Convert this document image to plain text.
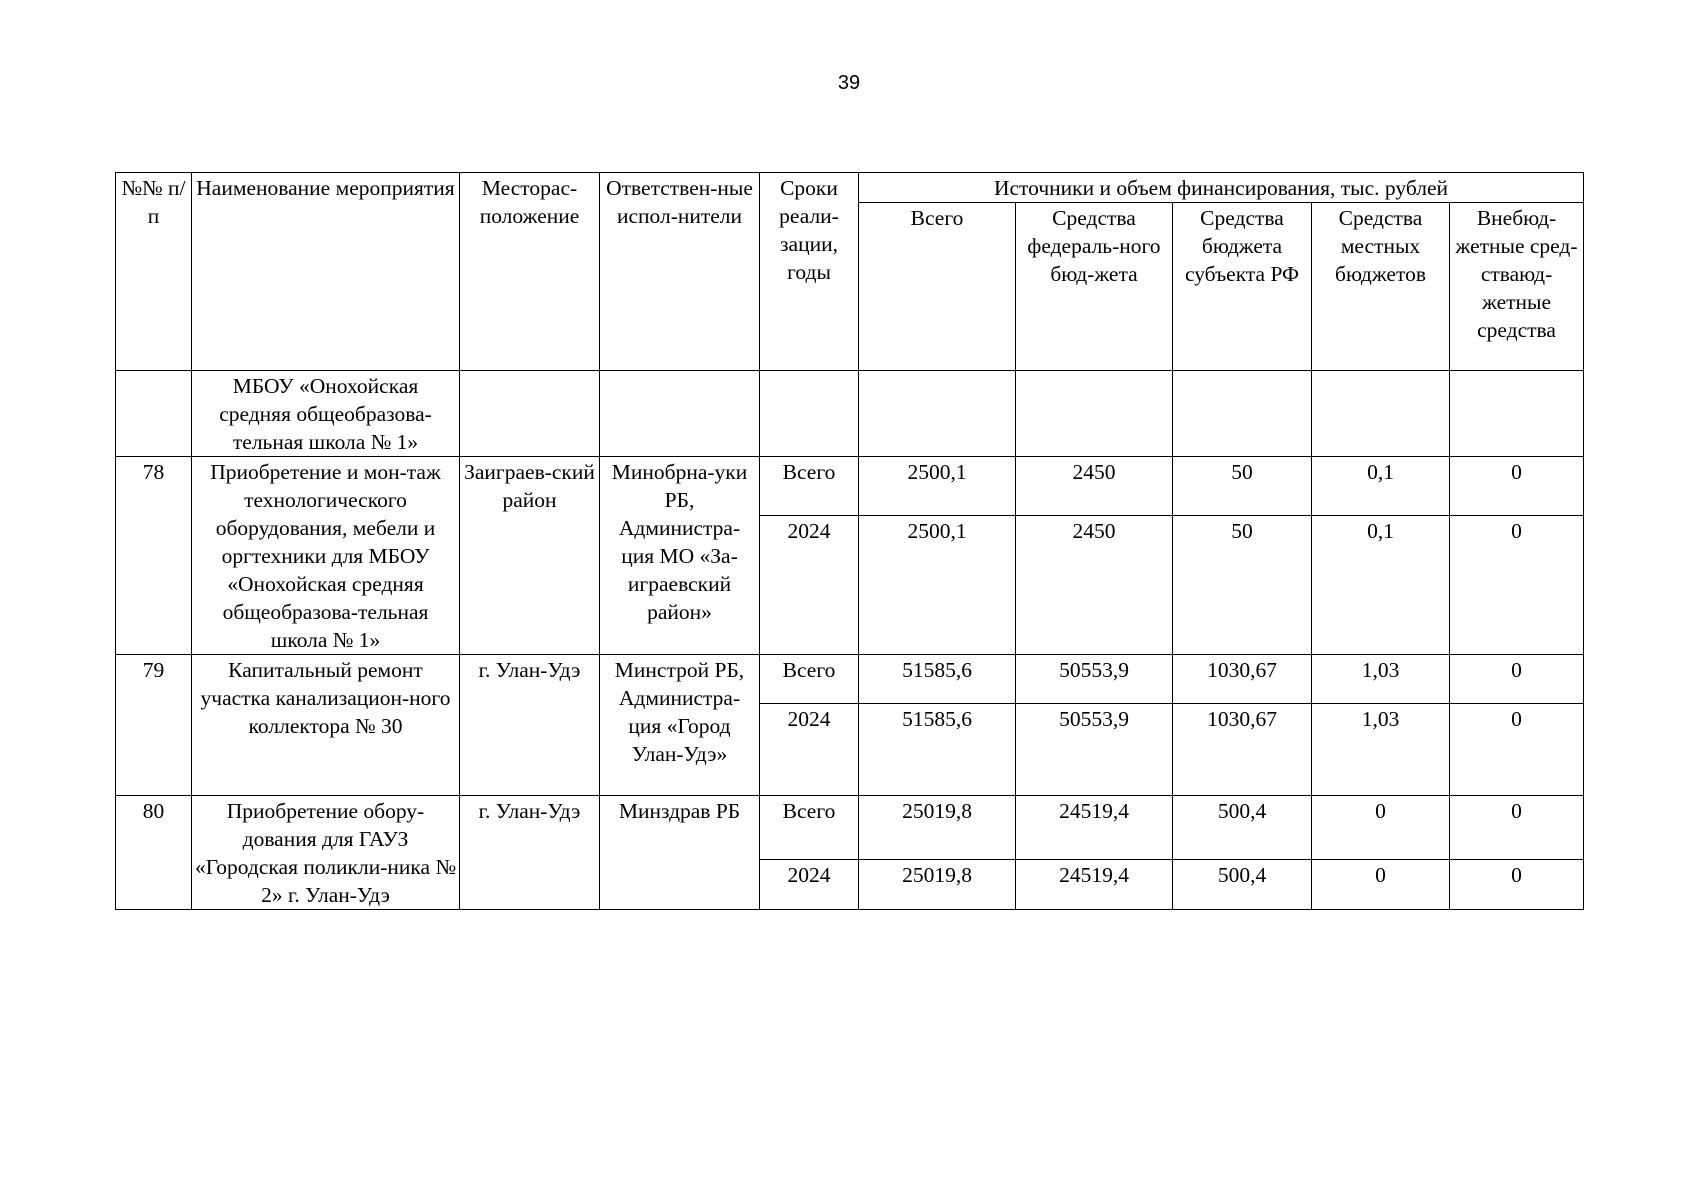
39
№№ п/п	Наименование мероприятия	Месторас-положение	Ответствен-ные испол-нители	Сроки реали-зации, годы	Источники и объем финансирования, тыс. рублей				
					Всего	Средства федераль-ного бюд-жета	Средства бюджета субъекта РФ	Средства местных бюджетов	Внебюд-жетные сред-стваюд-жетные средства
	МБОУ «Онохойская средняя общеобразова-тельная школа № 1»								
78	Приобретение и мон-таж технологического оборудования, мебели и оргтехники для МБОУ «Онохойская средняя общеобразова-тельная школа № 1»	Заиграев-ский район	Минобрна-уки РБ, Администра-ция МО «За-играевский район»	Всего	2500,1	2450	50	0,1	0
				2024	2500,1	2450	50	0,1	0
79	Капитальный ремонт участка канализацион-ного коллектора № 30	г. Улан-Удэ	Минстрой РБ, Администра-ция «Город Улан-Удэ»	Всего	51585,6	50553,9	1030,67	1,03	0
				2024	51585,6	50553,9	1030,67	1,03	0
80	Приобретение обору-дования для ГАУЗ «Городская поликли-ника № 2» г. Улан-Удэ	г. Улан-Удэ	Минздрав РБ	Всего	25019,8	24519,4	500,4	0	0
				2024	25019,8	24519,4	500,4	0	0
